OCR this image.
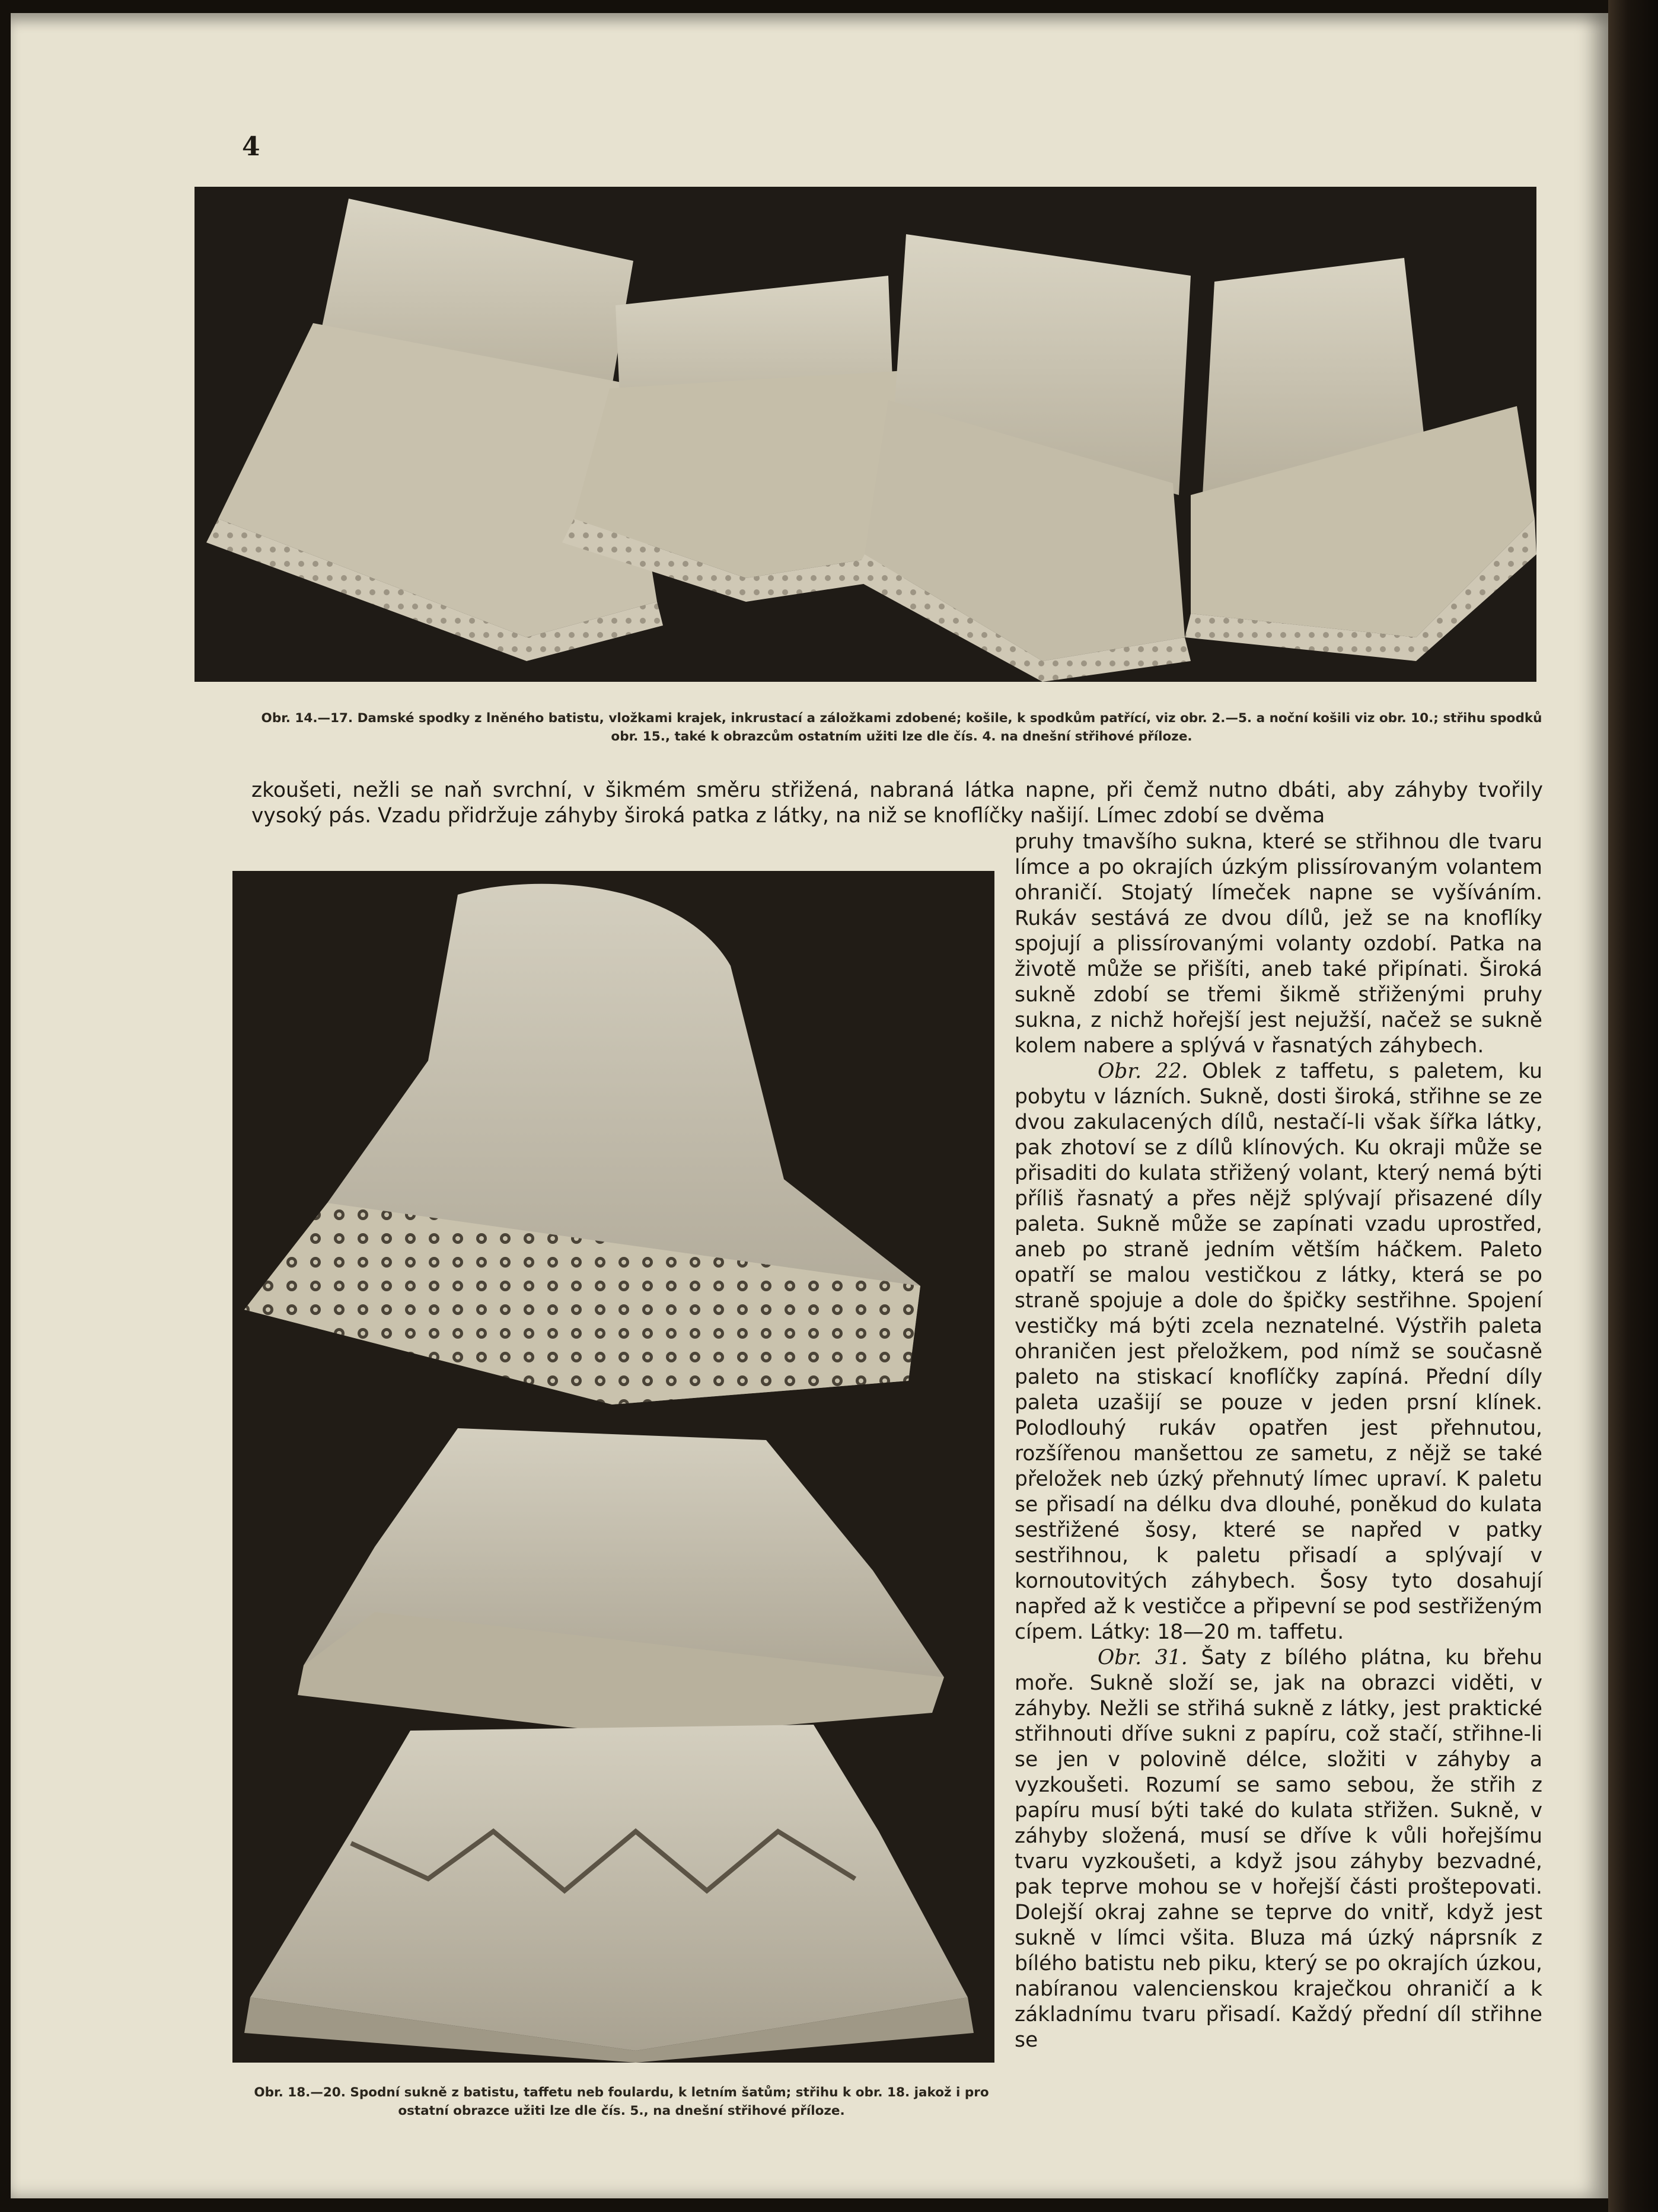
4
Obr. 14.—17. Damské spodky z lněného batistu, vložkami krajek, inkrustací a záložkami zdobené; košile, k spodkům patřící, viz obr. 2.—5. a noční košili viz obr. 10.; střihu spodků obr. 15., také k obrazcům ostatním užiti lze dle čís. 4. na dnešní střihové příloze.
zkoušeti, nežli se naň svrchní, v šikmém směru střižená, nabraná látka napne, při čemž nutno dbáti, aby záhyby tvořily vysoký pás. Vzadu přidržuje záhyby široká patka z látky, na niž se knoflíčky našijí. Límec zdobí se dvěma
Obr. 18.—20. Spodní sukně z batistu, taffetu neb foulardu, k letním šatům; střihu k obr. 18. jakož i pro ostatní obrazce užiti lze dle čís. 5., na dnešní střihové příloze.

pruhy tmavšího sukna, které se střihnou dle tvaru límce a po okrajích úzkým plissírovaným volantem ohraničí. Stojatý límeček napne se vyšíváním. Rukáv sestává ze dvou dílů, jež se na knoflíky spojují a plissírovanými volanty ozdobí. Patka na životě může se přišíti, aneb také připínati. Široká sukně zdobí se třemi šikmě střiženými pruhy sukna, z nichž hořejší jest nejužší, načež se sukně kolem nabere a splývá v řasnatých záhybech.

Obr. 22. Oblek z taffetu, s paletem, ku pobytu v lázních. Sukně, dosti široká, střihne se ze dvou zakulacených dílů, nestačí-li však šířka látky, pak zhotoví se z dílů klínových. Ku okraji může se přisaditi do kulata střižený volant, který nemá býti příliš řasnatý a přes nějž splývají přisazené díly paleta. Sukně může se zapínati vzadu uprostřed, aneb po straně jedním větším háčkem. Paleto opatří se malou vestičkou z látky, která se po straně spojuje a dole do špičky sestřihne. Spojení vestičky má býti zcela neznatelné. Výstřih paleta ohraničen jest přeložkem, pod nímž se současně paleto na stiskací knoflíčky zapíná. Přední díly paleta uzašijí se pouze v jeden prsní klínek. Polodlouhý rukáv opatřen jest přehnutou, rozšířenou manšettou ze sametu, z nějž se také přeložek neb úzký přehnutý límec upraví. K paletu se přisadí na délku dva dlouhé, poněkud do kulata sestřižené šosy, které se napřed v patky sestřihnou, k paletu přisadí a splývají v kornoutovitých záhybech. Šosy tyto dosahují napřed až k vestičce a připevní se pod sestřiženým cípem. Látky: 18—20 m. taffetu.

Obr. 31. Šaty z bílého plátna, ku břehu moře. Sukně složí se, jak na obrazci viděti, v záhyby. Nežli se střihá sukně z látky, jest praktické střihnouti dříve sukni z papíru, což stačí, střihne-li se jen v polovině délce, složiti v záhyby a vyzkoušeti. Rozumí se samo sebou, že střih z papíru musí býti také do kulata střižen. Sukně, v záhyby složená, musí se dříve k vůli hořejšímu tvaru vyzkoušeti, a když jsou záhyby bezvadné, pak teprve mohou se v hořejší části proštepovati. Dolejší okraj zahne se teprve do vnitř, když jest sukně v límci všita. Bluza má úzký náprsník z bílého batistu neb piku, který se po okrajích úzkou, nabíranou valencienskou kraječkou ohraničí a k základnímu tvaru přisadí. Každý přední díl střihne se
